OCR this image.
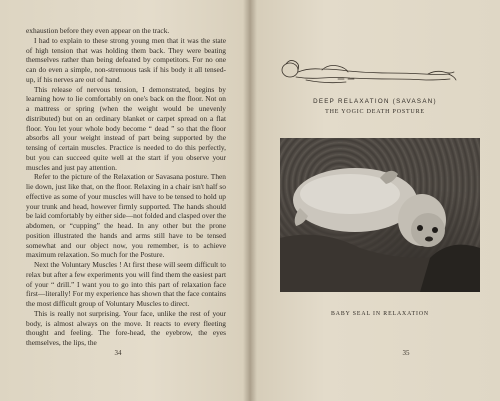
exhaustion before they even appear on the track.

I had to explain to these strong young men that it was the state of high tension that was holding them back. They were beating themselves rather than being defeated by competitors. For no one can do even a simple, non-strenuous task if his body it all tensed-up, if his nerves are out of hand.

This release of nervous tension, I demonstrated, begins by learning how to lie comfortably on one's back on the floor. Not on a mattress or spring (when the weight would be unevenly distributed) but on an ordinary blanket or carpet spread on a flat floor. You let your whole body become “ dead ” so that the floor absorbs all your weight instead of part being supported by the tensing of certain muscles. Practice is needed to do this perfectly, but you can succeed quite well at the start if you observe your muscles and just pay attention.

Refer to the picture of the Relaxation or Savasana posture. Then lie down, just like that, on the floor. Relaxing in a chair isn't half so effective as some of your muscles will have to be tensed to hold up your trunk and head, however firmly supported. The hands should be laid comfortably by either side—not folded and clasped over the abdomen, or “cupping” the head. In any other but the prone position illustrated the hands and arms still have to be tensed somewhat and our object now, you remember, is to achieve maximum relaxation. So much for the Posture.

Next the Voluntary Muscles ! At first these will seem difficult to relax but after a few experiments you will find them the easiest part of your “ drill.” I want you to go into this part of relaxation face first—literally! For my experience has shown that the face contains the most difficult group of Voluntary Muscles to direct.

This is really not surprising. Your face, unlike the rest of your body, is almost always on the move. It reacts to every fleeting thought and feeling. The fore-head, the eyebrow, the eyes themselves, the lips, the

34
DEEP RELAXATION (SAVASAN)
THE YOGIC DEATH POSTURE
BABY SEAL IN RELAXATION
35
